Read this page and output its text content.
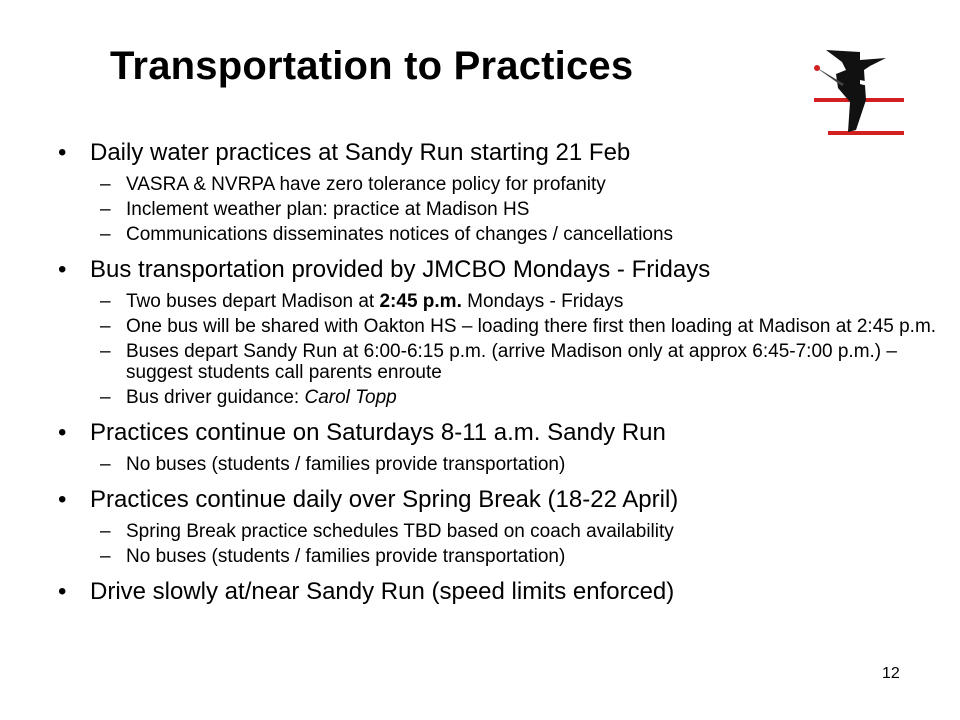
Transportation to Practices
• Daily water practices at Sandy Run starting 21 Feb
– VASRA & NVRPA have zero tolerance policy for profanity
– Inclement weather plan: practice at Madison HS
– Communications disseminates notices of changes / cancellations
• Bus transportation provided by JMCBO Mondays - Fridays
– Two buses depart Madison at 2:45 p.m. Mondays - Fridays
– One bus will be shared with Oakton HS – loading there first then loading at Madison at 2:45 p.m.
– Buses depart Sandy Run at 6:00-6:15 p.m. (arrive Madison only at approx 6:45-7:00 p.m.) – suggest students call parents enroute
– Bus driver guidance: Carol Topp
• Practices continue on Saturdays 8-11 a.m. Sandy Run
– No buses (students / families provide transportation)
• Practices continue daily over Spring Break (18-22 April)
– Spring Break practice schedules TBD based on coach availability
– No buses (students / families provide transportation)
• Drive slowly at/near Sandy Run (speed limits enforced)
12
